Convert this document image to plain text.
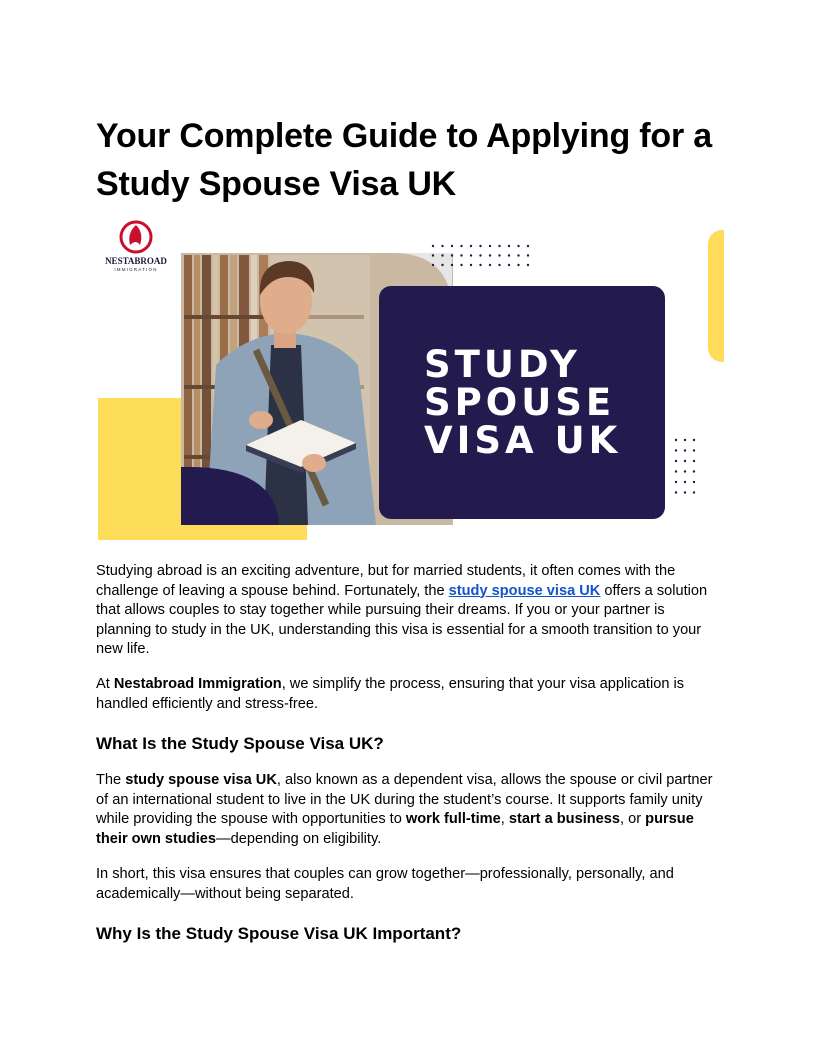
Your Complete Guide to Applying for a Study Spouse Visa UK
NESTABROAD
IMMIGRATION
STUDY
SPOUSE
VISA UK

Studying abroad is an exciting adventure, but for married students, it often comes with the challenge of leaving a spouse behind. Fortunately, the study spouse visa UK offers a solution that allows couples to stay together while pursuing their dreams. If you or your partner is planning to study in the UK, understanding this visa is essential for a smooth transition to your new life.

At Nestabroad Immigration, we simplify the process, ensuring that your visa application is handled efficiently and stress-free.

What Is the Study Spouse Visa UK?

The study spouse visa UK, also known as a dependent visa, allows the spouse or civil partner of an international student to live in the UK during the student’s course. It supports family unity while providing the spouse with opportunities to work full-time, start a business, or pursue their own studies—depending on eligibility.

In short, this visa ensures that couples can grow together—professionally, personally, and academically—without being separated.

Why Is the Study Spouse Visa UK Important?
